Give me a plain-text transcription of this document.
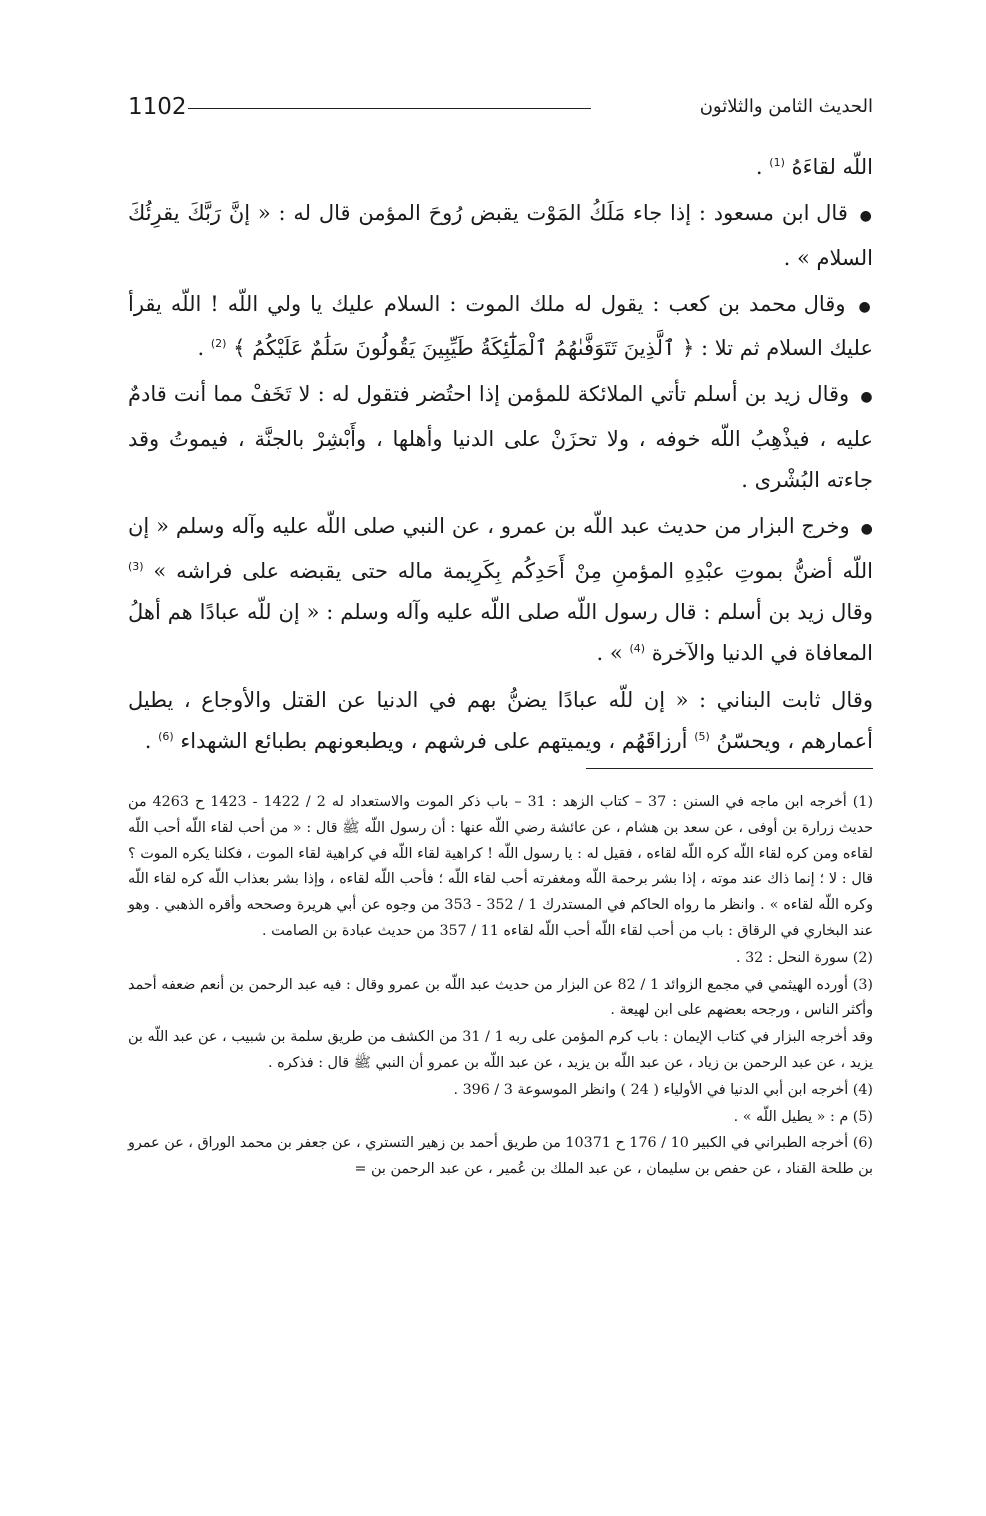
1102	الحديث الثامن والثلاثون

اللّه لقاءَهُ $^{(1)}$ .

● قال ابن مسعود : إذا جاء مَلَكُ المَوْت يقبض رُوحَ المؤمن قال له : « إنَّ رَبَّكَ يقرِئُكَ السلام » .

● وقال محمد بن كعب : يقول له ملك الموت : السلام عليك يا ولي اللّه ! اللّه يقرأ عليك السلام ثم تلا : ﴿ ٱلَّذِينَ تَتَوَفَّىٰهُمُ ٱلْمَلَٰٓئِكَةُ طَيِّبِينَ يَقُولُونَ سَلَٰمٌ عَلَيْكُمُ ﴾ $^{(2)}$ .

● وقال زيد بن أسلم تأتي الملائكة للمؤمن إذا احتُضر فتقول له : لا تَخَفْ مما أنت قادمٌ عليه ، فيذْهِبُ اللّه خوفه ، ولا تحزَنْ على الدنيا وأهلها ، وأَبْشِرْ بالجنَّة ، فيموتُ وقد جاءته البُشْرى .

● وخرج البزار من حديث عبد اللّه بن عمرو ، عن النبي صلى اللّه عليه وآله وسلم « إن اللّه أضنُّ بموتِ عبْدِهِ المؤمنِ مِنْ أَحَدِكُم بِكَرِيمة ماله حتى يقبضه على فراشه » $^{(3)}$ وقال زيد بن أسلم : قال رسول اللّه صلى اللّه عليه وآله وسلم : « إن للّه عبادًا هم أهلُ المعافاة في الدنيا والآخرة $^{(4)}$ » .

وقال ثابت البناني : « إن للّه عبادًا يضنُّ بهم في الدنيا عن القتل والأوجاع ، يطيل أعمارهم ، ويحسّنُ $^{(5)}$ أرزاقَهُم ، ويميتهم على فرشهم ، ويطبعونهم بطبائع الشهداء $^{(6)}$ .

(1) أخرجه ابن ماجه في السنن : 37 – كتاب الزهد : 31 – باب ذكر الموت والاستعداد له 2 / 1422 - 1423 ح 4263 من حديث زرارة بن أوفى ، عن سعد بن هشام ، عن عائشة رضي اللّه عنها : أن رسول اللّه ﷺ قال : « من أحب لقاء اللّه أحب اللّه لقاءه ومن كره لقاء اللّه كره اللّه لقاءه ، فقيل له : يا رسول اللّه ! كراهية لقاء اللّه في كراهية لقاء الموت ، فكلنا يكره الموت ؟ قال : لا ؛ إنما ذاك عند موته ، إذا بشر برحمة اللّه ومغفرته أحب لقاء اللّه ؛ فأحب اللّه لقاءه ، وإذا بشر بعذاب اللّه كره لقاء اللّه وكره اللّه لقاءه » . وانظر ما رواه الحاكم في المستدرك 1 / 352 - 353 من وجوه عن أبي هريرة وصححه وأقره الذهبي . وهو عند البخاري في الرقاق : باب من أحب لقاء اللّه أحب اللّه لقاءه 11 / 357 من حديث عبادة بن الصامت .

(2) سورة النحل : 32 .

(3) أورده الهيثمي في مجمع الزوائد 1 / 82 عن البزار من حديث عبد اللّه بن عمرو وقال : فيه عبد الرحمن بن أنعم ضعفه أحمد وأكثر الناس ، ورجحه بعضهم على ابن لهيعة .

وقد أخرجه البزار في كتاب الإيمان : باب كرم المؤمن على ربه 1 / 31 من الكشف من طريق سلمة بن شبيب ، عن عبد اللّه بن يزيد ، عن عبد الرحمن بن زياد ، عن عبد اللّه بن يزيد ، عن عبد اللّه بن عمرو أن النبي ﷺ قال : فذكره .

(4) أخرجه ابن أبي الدنيا في الأولياء ( 24 ) وانظر الموسوعة 3 / 396 .

(5) م : « يطيل اللّه » .

(6) أخرجه الطبراني في الكبير 10 / 176 ح 10371 من طريق أحمد بن زهير التستري ، عن جعفر بن محمد الوراق ، عن عمرو بن طلحة القناد ، عن حفص بن سليمان ، عن عبد الملك بن عُمير ، عن عبد الرحمن بن =
